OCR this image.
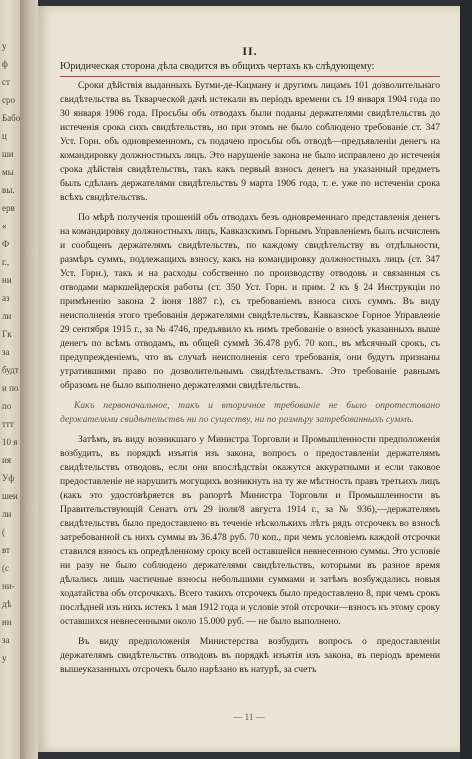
у
ф
ст
сро
Бабо
ц
ши
мы
вы.
ерв
«
Ф
г.,
ни
аз
ли
Гк
за
будт
и по
по
ттт
10 я
ия
Уф
шеи
ли
(
вт
(с
ни-
дѣ
нн
за
у
II.
Юридическая сторона дѣла сводится въ общихъ чертахъ къ слѣдующему:

Сроки дѣйствія выданныхъ Бутми-де-Кацману и другимъ лицамъ 101 дозволительнаго свидѣтельства въ Ткварческой дачѣ истекали въ періодъ времени съ 19 января 1904 года по 30 января 1906 года. Просьбы объ отводахъ были поданы держателями свидѣтельствъ до истеченія срока сихъ свидѣтельствъ, но при этомъ не было соблюдено требованіе ст. 347 Уст. Горн. объ одновременномъ, съ подачею просьбы объ отводѣ—предъявленіи денегъ на командировку должностныхъ лицъ. Это нарушеніе закона не было исправлено до истеченія срока дѣйствія свидѣтельствъ, такъ какъ первый взносъ денегъ на указанный предметъ былъ сдѣланъ держателями свидѣтельствъ 9 марта 1906 года, т. е. уже по истеченіи срока всѣхъ свидѣтельствъ.

По мѣрѣ полученія прошеній объ отводахъ безъ одновременнаго представленія денегъ на командировку должностныхъ лицъ, Кавказскимъ Горнымъ Управленіемъ былъ исчисленъ и сообщенъ держателямъ свидѣтельствъ, по каждому свидѣтельству въ отдѣльности, размѣръ суммъ, подлежащихъ взносу, какъ на командировку должностныхъ лицъ (ст. 347 Уст. Горн.), такъ и на расходы собственно по производству отводовъ и связанныя съ отводами маркшейдерскія работы (ст. 350 Уст. Горн. и прим. 2 къ § 24 Инструкціи по примѣненію закона 2 іюня 1887 г.), съ требованіемъ взноса сихъ суммъ. Въ виду неисполненія этого требованія держателями свидѣтельствъ, Кавказское Горное Управленіе 29 сентября 1915 г., за № 4746, предъявило къ нимъ требованіе о взносѣ указанныхъ выше денегъ по всѣмъ отводамъ, въ общей суммѣ 36.478 руб. 70 коп., въ мѣсячный срокъ, съ предупрежденіемъ, что въ случаѣ неисполненія сего требованія, они будутъ признаны утратившими право по дозволительнымъ свидѣтельствамъ. Это требованіе равнымъ образомъ не было выполнено держателями свидѣтельствъ.

Какъ первоначальное, такъ и вторичное требованіе не было опротестовано держателями свидѣтельствъ ни по существу, ни по размѣру затребованныхъ суммъ.

Затѣмъ, въ виду возникшаго у Министра Торговли и Промышленности предположенія возбудить, въ порядкѣ изъятія изъ закона, вопросъ о предоставленіи держателямъ свидѣтельствъ отводовъ, если они впослѣдствіи окажутся аккуратными и если таковое предоставленіе не нарушитъ могущихъ возникнуть на ту же мѣстность правъ третьихъ лицъ (какъ это удостовѣряется въ рапортѣ Министра Торговли и Промышленности въ Правительствующій Сенатъ отъ 29 іюля/8 августа 1914 г., за № 936),—держателямъ свидѣтельствъ было предоставлено въ теченіе нѣсколькихъ лѣтъ рядъ отсрочекъ во взносѣ затребованной съ нихъ суммы въ 36.478 руб. 70 коп., при чемъ условіемъ каждой отсрочки ставился взносъ къ опредѣленному сроку всей оставшейся невнесенною суммы. Это условіе ни разу не было соблюдено держателями свидѣтельствъ, которыми въ разное время дѣлались лишь частичные взносы небольшими суммами и затѣмъ возбуждались новыя ходатайства объ отсрочкахъ. Всего такихъ отсрочекъ было предоставлено 8, при чемъ срокъ послѣдней изъ нихъ истекъ 1 мая 1912 года и условіе этой отсрочки—взносъ къ этому сроку оставшихся невнесенными около 15.000 руб. — не было выполнено.

Въ виду предположенія Министерства возбудить вопросъ о предоставленіи держателямъ свидѣтельствъ отводовъ въ порядкѣ изъятія изъ закона, въ періодъ времени вышеуказанныхъ отсрочекъ было нарѣзано въ натурѣ, за счетъ

— 11 —
